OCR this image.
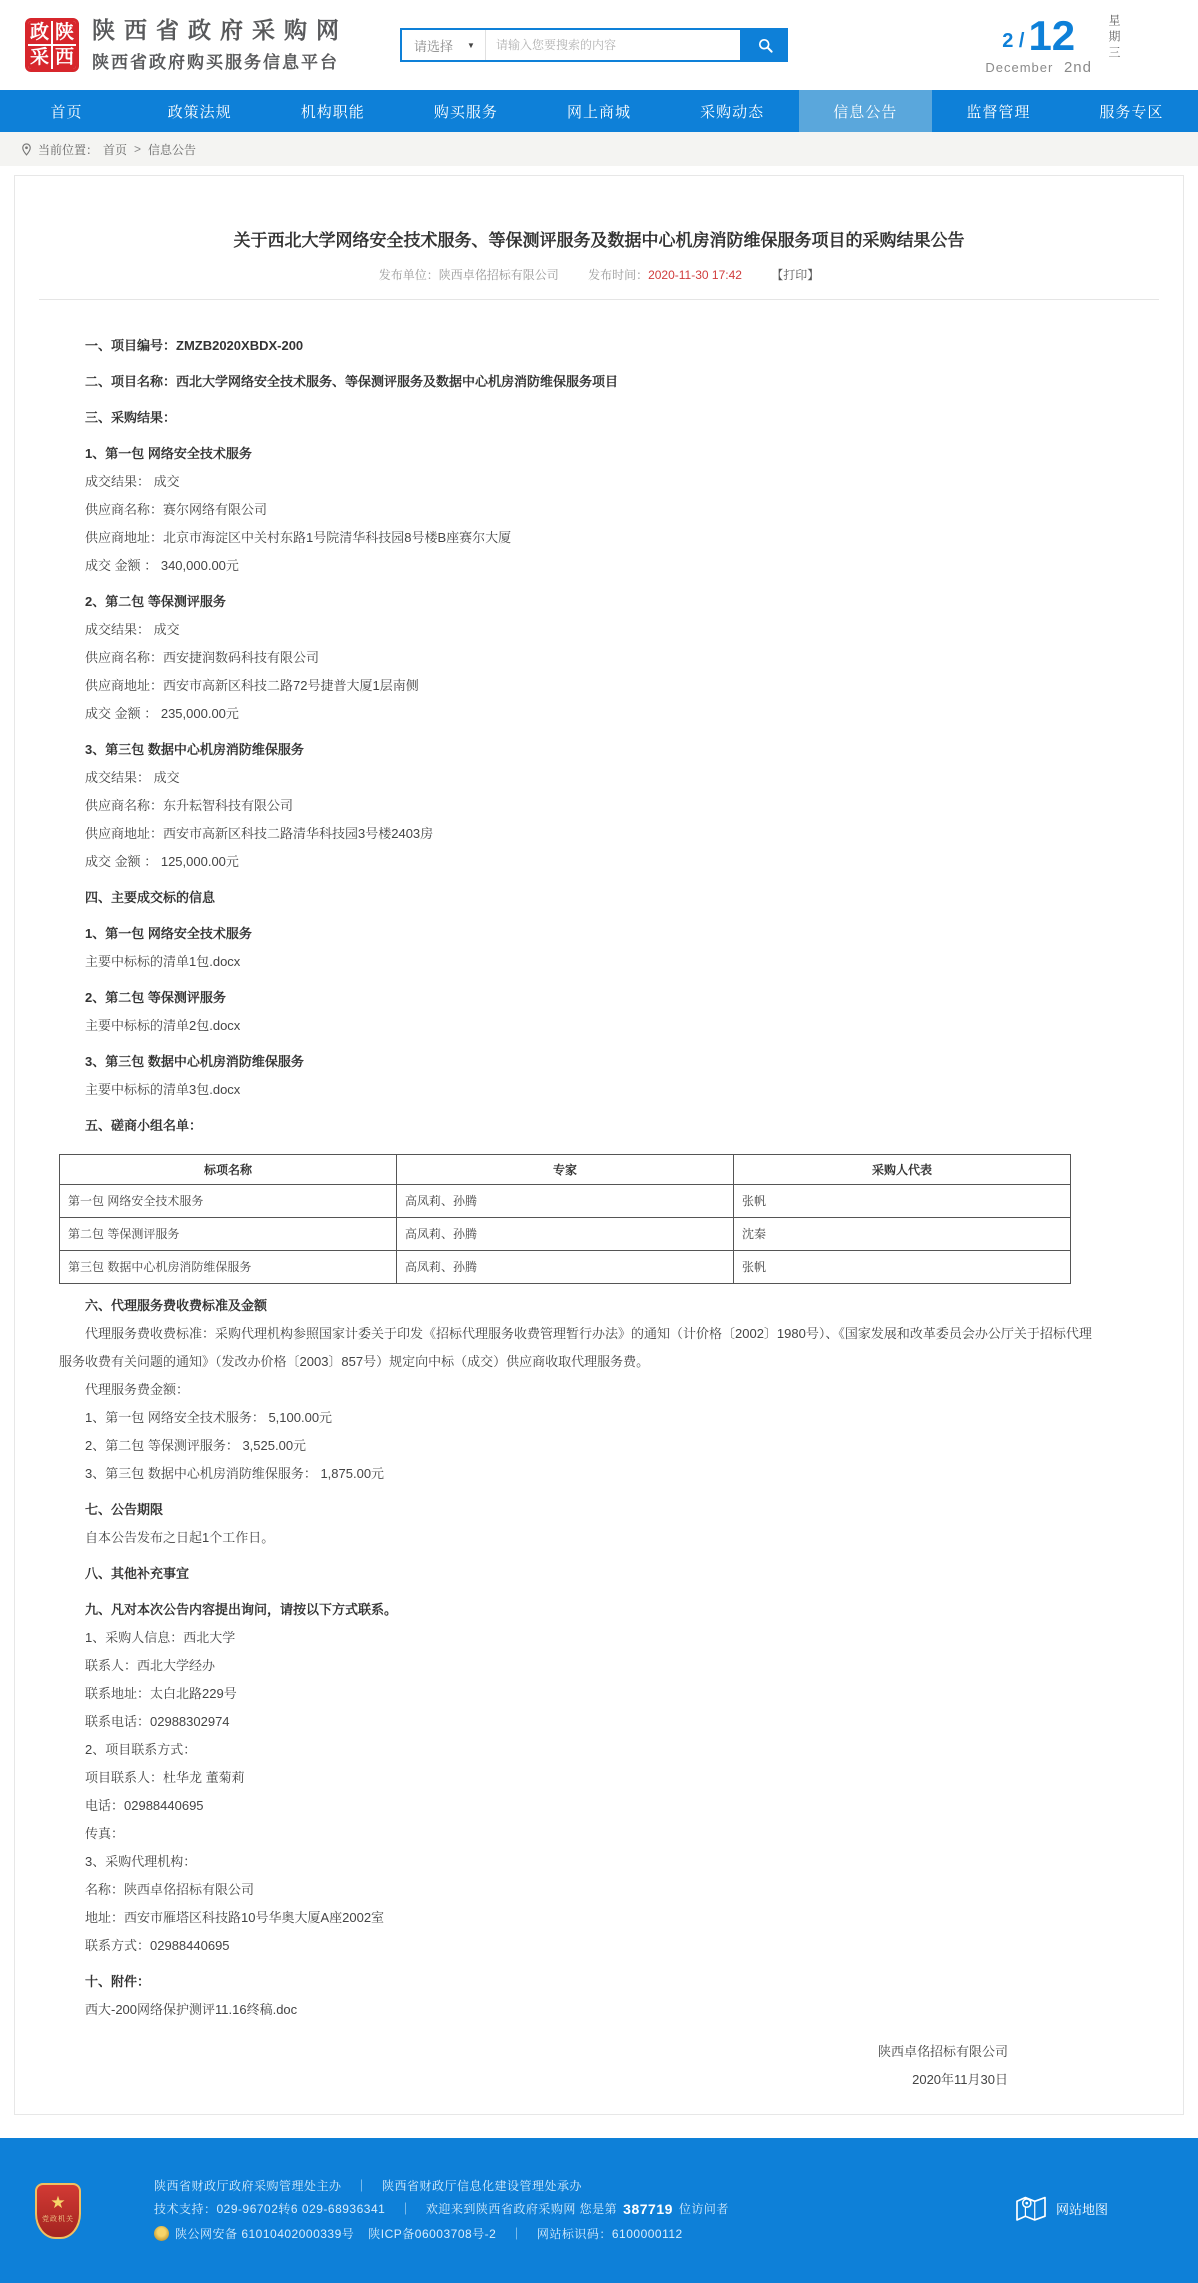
政 陕
采 西
陕西省政府采购网
陕西省政府购买服务信息平台
请选择 ▼
请输入您要搜索的内容	2 / 12
December 2nd
星期三
首页	政策法规	机构职能	购买服务	网上商城	采购动态	信息公告	监督管理	服务专区
当前位置： 首页 > 信息公告
关于西北大学网络安全技术服务、等保测评服务及数据中心机房消防维保服务项目的采购结果公告
发布单位：陕西卓佲招标有限公司 发布时间：2020-11-30 17:42 【打印】

一、项目编号：ZMZB2020XBDX-200

二、项目名称：西北大学网络安全技术服务、等保测评服务及数据中心机房消防维保服务项目

三、采购结果：

1、第一包 网络安全技术服务

成交结果： 成交

供应商名称：赛尔网络有限公司

供应商地址：北京市海淀区中关村东路1号院清华科技园8号楼B座赛尔大厦

成交 金额 ： 340,000.00元

2、第二包 等保测评服务

成交结果： 成交

供应商名称：西安捷润数码科技有限公司

供应商地址：西安市高新区科技二路72号捷普大厦1层南侧

成交 金额 ： 235,000.00元

3、第三包 数据中心机房消防维保服务

成交结果： 成交

供应商名称：东升耘智科技有限公司

供应商地址：西安市高新区科技二路清华科技园3号楼2403房

成交 金额 ： 125,000.00元

四、主要成交标的信息

1、第一包 网络安全技术服务

主要中标标的清单1包.docx

2、第二包 等保测评服务

主要中标标的清单2包.docx

3、第三包 数据中心机房消防维保服务

主要中标标的清单3包.docx

五、磋商小组名单：

标项名称	专家	采购人代表
第一包 网络安全技术服务	高凤莉、孙腾	张帆
第二包 等保测评服务	高凤莉、孙腾	沈秦
第三包 数据中心机房消防维保服务	高凤莉、孙腾	张帆

六、代理服务费收费标准及金额

代理服务费收费标准：采购代理机构参照国家计委关于印发《招标代理服务收费管理暂行办法》的通知（计价格〔2002〕1980号）、《国家发展和改革委员会办公厅关于招标代理服务收费有关问题的通知》（发改办价格〔2003〕857号）规定向中标（成交）供应商收取代理服务费。

代理服务费金额：

1、第一包 网络安全技术服务： 5,100.00元

2、第二包 等保测评服务： 3,525.00元

3、第三包 数据中心机房消防维保服务： 1,875.00元

七、公告期限

自本公告发布之日起1个工作日。

八、其他补充事宜

九、凡对本次公告内容提出询问，请按以下方式联系。

1、采购人信息：西北大学

联系人：西北大学经办

联系地址：太白北路229号

联系电话：02988302974

2、项目联系方式：

项目联系人：杜华龙 董菊莉

电话：02988440695

传真：

3、采购代理机构：

名称：陕西卓佲招标有限公司

地址：西安市雁塔区科技路10号华奥大厦A座2002室

联系方式：02988440695

十、附件：

西大-200网络保护测评11.16终稿.doc

陕西卓佲招标有限公司

2020年11月30日

★
党政机关
陕西省财政厅政府采购管理处主办 ｜ 陕西省财政厅信息化建设管理处承办
技术支持：029-96702转6 029-68936341 ｜ 欢迎来到陕西省政府采购网 您是第 387719 位访问者
陕公网安备 61010402000339号 陕ICP备06003708号-2 ｜ 网站标识码：6100000112
网站地图
